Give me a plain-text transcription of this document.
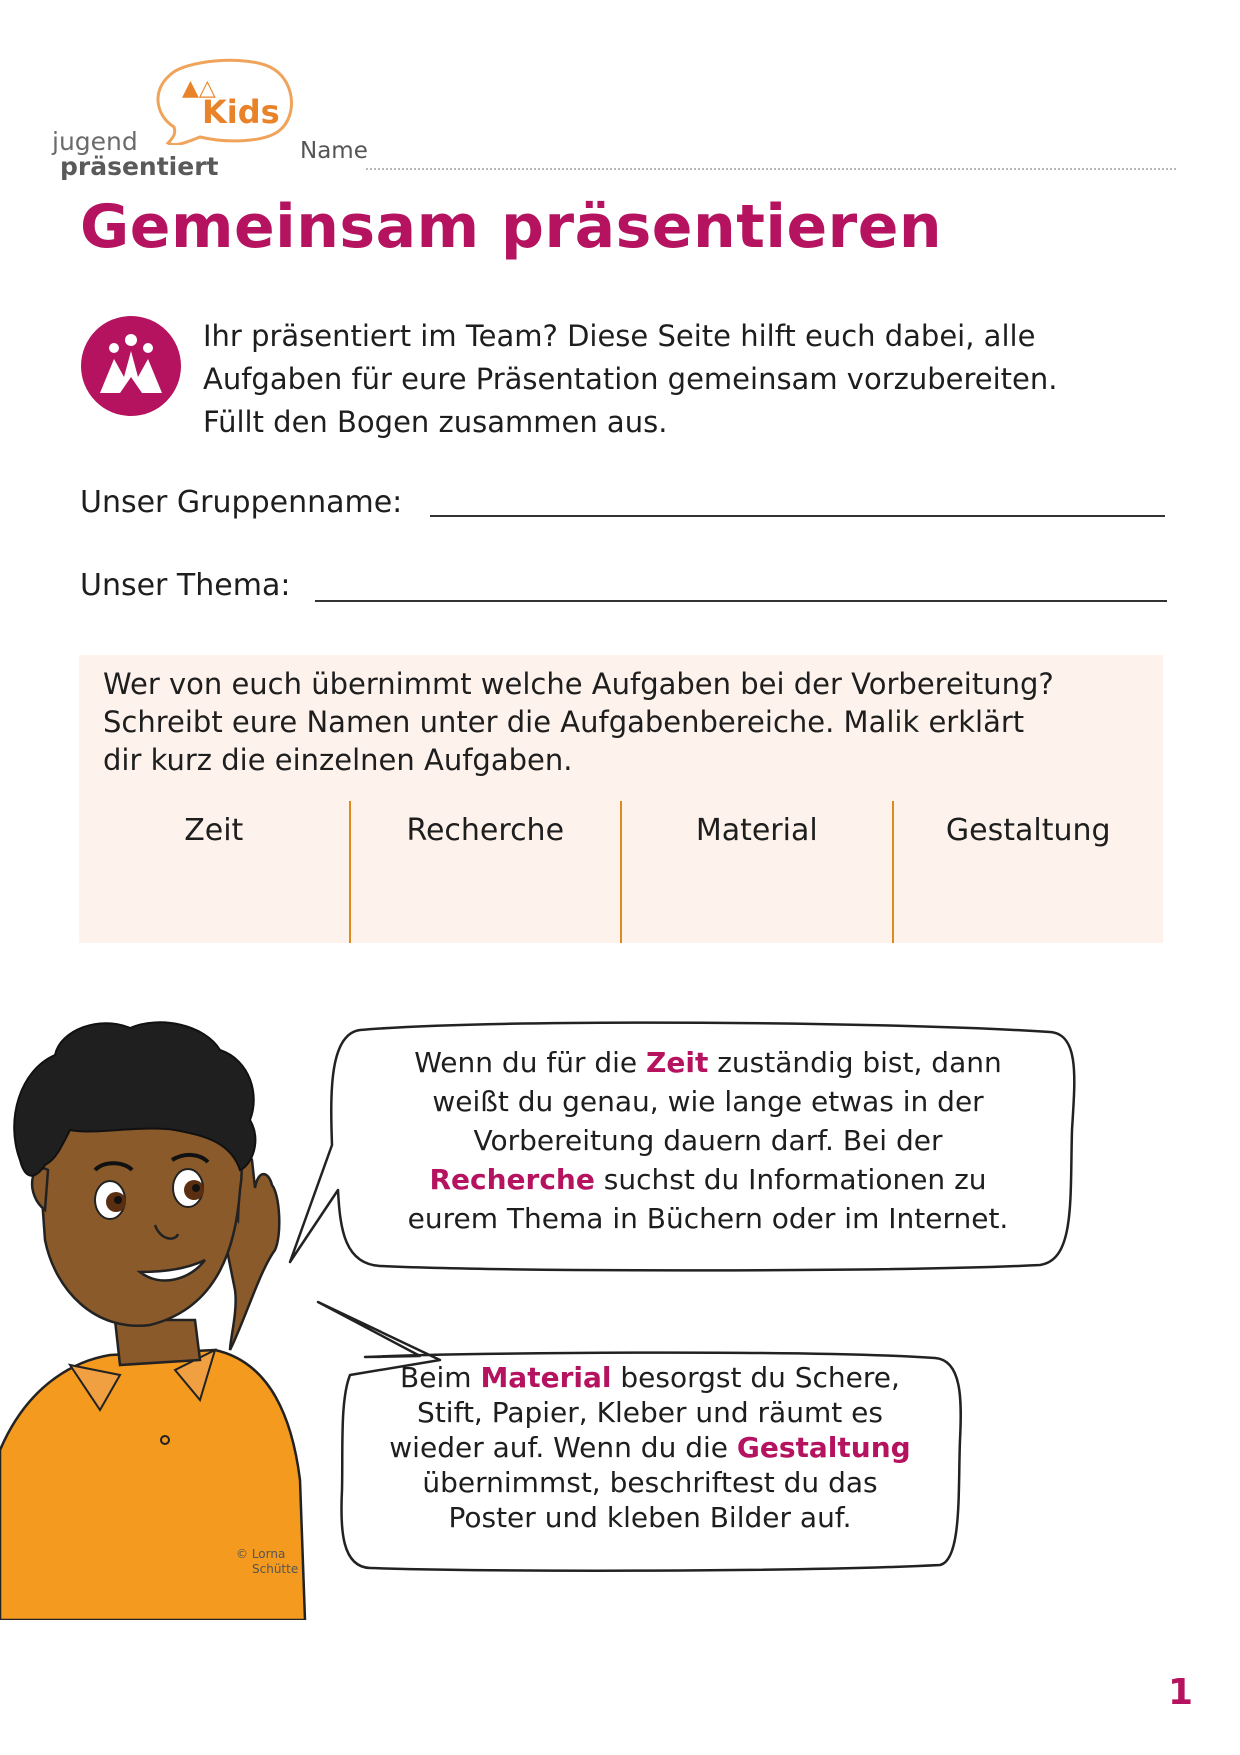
▲△
Kids
jugend
präsentiert
Name
Gemeinsam präsentieren
Ihr präsentiert im Team? Diese Seite hilft euch dabei, alle
Aufgaben für eure Präsentation gemeinsam vorzubereiten.
Füllt den Bogen zusammen aus.
Unser Gruppenname:
Unser Thema:
Wer von euch übernimmt welche Aufgaben bei der Vorbereitung?
Schreibt eure Namen unter die Aufgabenbereiche. Malik erklärt
dir kurz die einzelnen Aufgaben.
Zeit	Recherche	Material	Gestaltung
Wenn du für die Zeit zuständig bist, dann
weißt du genau, wie lange etwas in der
Vorbereitung dauern darf. Bei der
Recherche suchst du Informationen zu
eurem Thema in Büchern oder im Internet.
Beim Material besorgst du Schere,
Stift, Papier, Kleber und räumt es
wieder auf. Wenn du die Gestaltung
übernimmst, beschriftest du das
Poster und kleben Bilder auf.
© Lorna
Schütte
1
